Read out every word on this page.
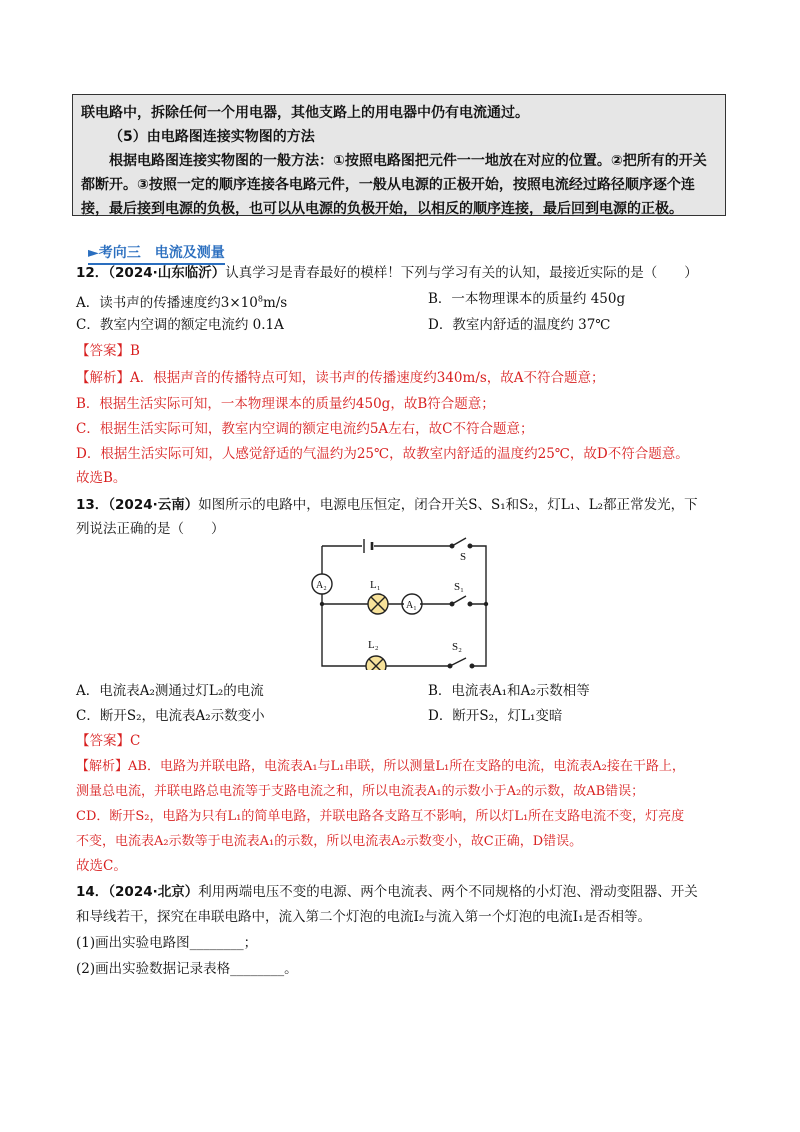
联电路中，拆除任何一个用电器，其他支路上的用电器中仍有电流通过。

（5）由电路图连接实物图的方法

根据电路图连接实物图的一般方法：①按照电路图把元件一一地放在对应的位置。②把所有的开关

都断开。③按照一定的顺序连接各电路元件，一般从电源的正极开始，按照电流经过路径顺序逐个连

接，最后接到电源的负极，也可以从电源的负极开始，以相反的顺序连接，最后回到电源的正极。

►考向三　电流及测量
12．（2024·山东临沂）认真学习是青春最好的模样！下列与学习有关的认知，最接近实际的是（　　）
A．读书声的传播速度约$3\times 10^8m/s$	B．一本物理课本的质量约 450g
C．教室内空调的额定电流约 0.1A	D．教室内舒适的温度约 37℃
【答案】B
【解析】A．根据声音的传播特点可知，读书声的传播速度约340m/s，故A不符合题意；
B．根据生活实际可知，一本物理课本的质量约450g，故B符合题意；
C．根据生活实际可知，教室内空调的额定电流约5A左右，故C不符合题意；
D．根据生活实际可知，人感觉舒适的气温约为25℃，故教室内舒适的温度约25℃，故D不符合题意。
故选B。
13．（2024·云南）如图所示的电路中，电源电压恒定，闭合开关S、S₁和S₂，灯L₁、L₂都正常发光，下
列说法正确的是（　　）
S
A₂
A₁
L₁	S₁
L₂	S₂
A．电流表A₂测通过灯L₂的电流	B．电流表A₁和A₂示数相等
C．断开S₂，电流表A₂示数变小	D．断开S₂，灯L₁变暗
【答案】C
【解析】AB．电路为并联电路，电流表A₁与L₁串联，所以测量L₁所在支路的电流，电流表A₂接在干路上，
测量总电流，并联电路总电流等于支路电流之和，所以电流表A₁的示数小于A₂的示数，故AB错误；
CD．断开S₂，电路为只有L₁的简单电路，并联电路各支路互不影响，所以灯L₁所在支路电流不变，灯亮度
不变，电流表A₂示数等于电流表A₁的示数，所以电流表A₂示数变小，故C正确，D错误。
故选C。
14．（2024·北京）利用两端电压不变的电源、两个电流表、两个不同规格的小灯泡、滑动变阻器、开关
和导线若干，探究在串联电路中，流入第二个灯泡的电流I₂与流入第一个灯泡的电流I₁是否相等。
(1)画出实验电路图________；
(2)画出实验数据记录表格________。
